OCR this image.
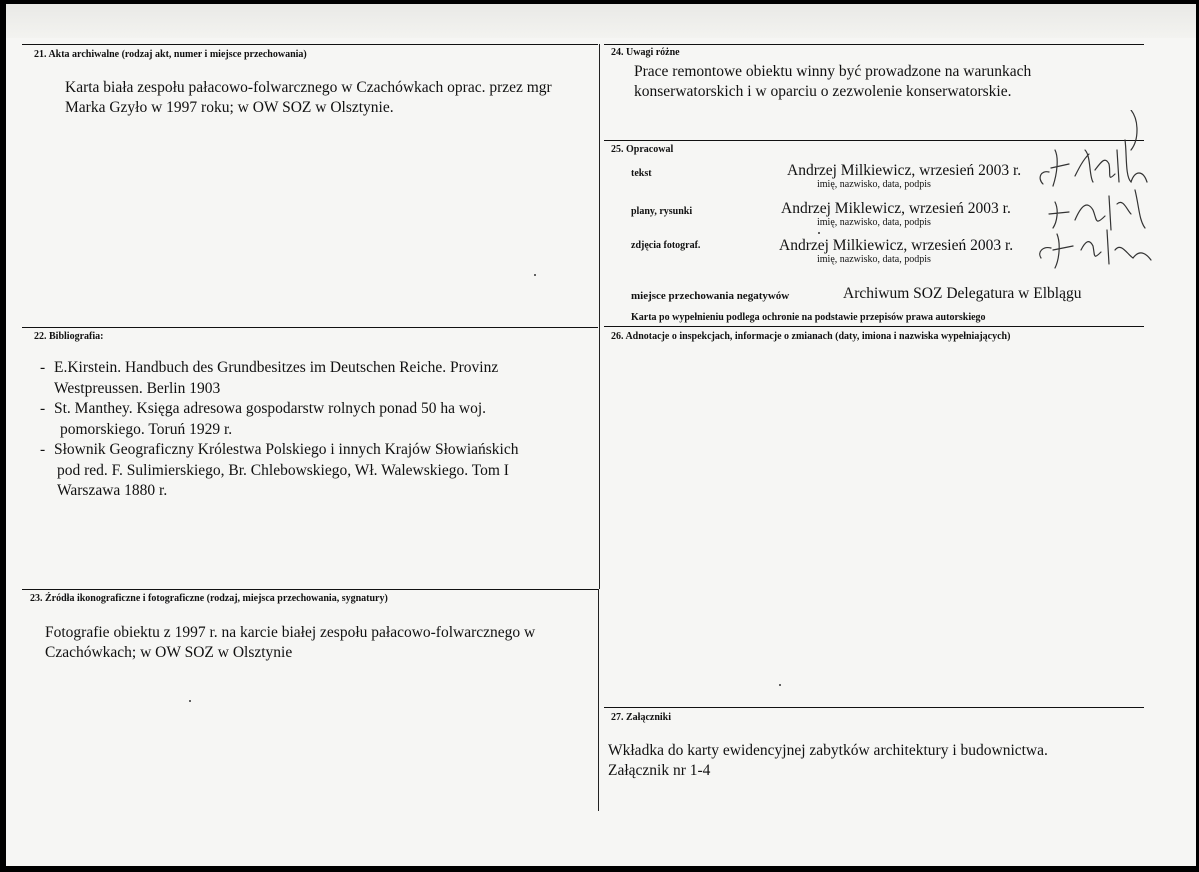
21. Akta archiwalne (rodzaj akt, numer i miejsce przechowania)

Karta biała zespołu pałacowo-folwarcznego w Czachówkach oprac. przez mgr
Marka Gzyło w 1997 roku; w OW SOZ w Olsztynie.

24. Uwagi różne

Prace remontowe obiektu winny być prowadzone na warunkach
konserwatorskich i w oparciu o zezwolenie konserwatorskie.

25. Opracowal
tekst	Andrzej Milkiewicz, wrzesień 2003 r.
imię, nazwisko, data, podpis
plany, rysunki	Andrzej Miklewicz, wrzesień 2003 r.
imię, nazwisko, data, podpis
zdjęcia fotograf.	Andrzej Milkiewicz, wrzesień 2003 r.
imię, nazwisko, data, podpis
miejsce przechowania negatywów	Archiwum SOZ Delegatura w Elblągu
Karta po wypełnieniu podlega ochronie na podstawie przepisów prawa autorskiego
22. Bibliografia:
- E.Kirstein. Handbuch des Grundbesitzes im Deutschen Reiche. Provinz
Westpreussen. Berlin 1903
- St. Manthey. Księga adresowa gospodarstw rolnych ponad 50 ha woj.
pomorskiego. Toruń 1929 r.
- Słownik Geograficzny Królestwa Polskiego i innych Krajów Słowiańskich
pod red. F. Sulimierskiego, Br. Chlebowskiego, Wł. Walewskiego. Tom I
Warszawa 1880 r.
26. Adnotacje o inspekcjach, informacje o zmianach (daty, imiona i nazwiska wypełniających)
23. Źródła ikonograficzne i fotograficzne (rodzaj, miejsca przechowania, sygnatury)

Fotografie obiektu z 1997 r. na karcie białej zespołu pałacowo-folwarcznego w
Czachówkach; w OW SOZ w Olsztynie

27. Załączniki

Wkładka do karty ewidencyjnej zabytków architektury i budownictwa.
Załącznik nr 1-4
